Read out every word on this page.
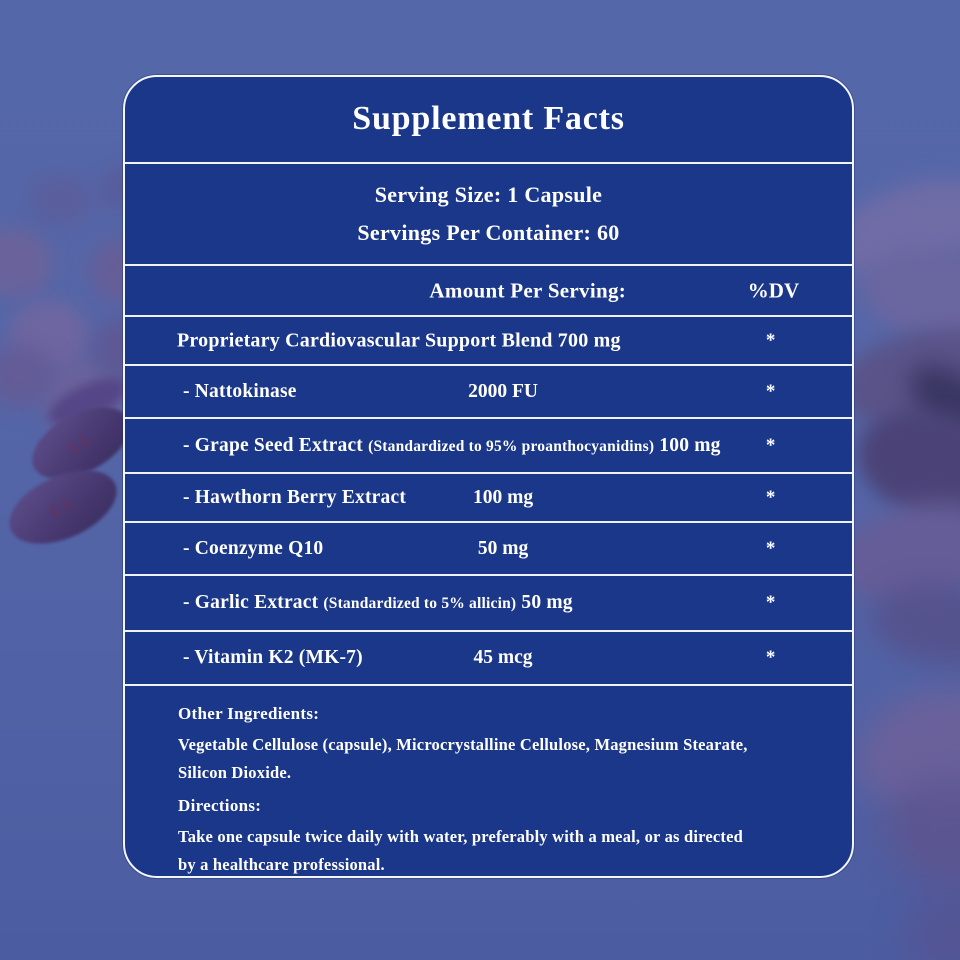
LL
LL
Supplement Facts
Serving Size: 1 Capsule
Servings Per Container: 60
Amount Per Serving:	%DV
Proprietary Cardiovascular Support Blend 700 mg	*
- Nattokinase	2000 FU	*
- Grape Seed Extract (Standardized to 95% proanthocyanidins) 100 mg *
- Hawthorn Berry Extract	100 mg	*
- Coenzyme Q10	50 mg	*
- Garlic Extract (Standardized to 5% allicin) 50 mg	*
- Vitamin K2 (MK-7)	45 mcg	*
Other Ingredients:
Vegetable Cellulose (capsule), Microcrystalline Cellulose, Magnesium Stearate,
Silicon Dioxide.
Directions:
Take one capsule twice daily with water, preferably with a meal, or as directed
by a healthcare professional.
